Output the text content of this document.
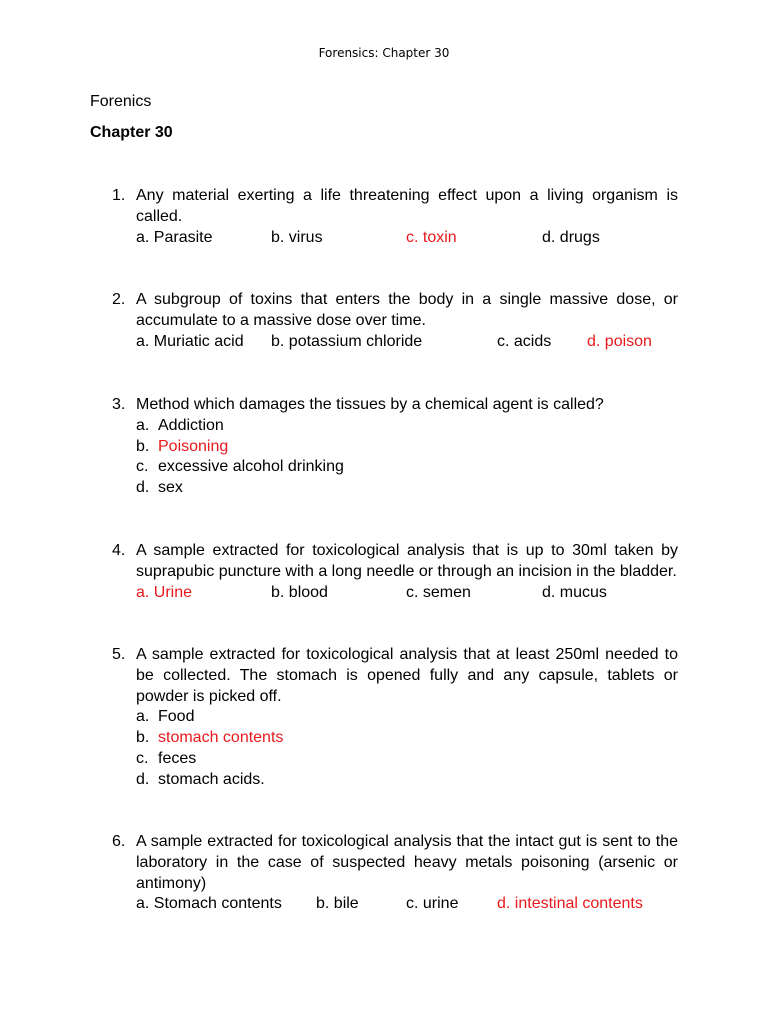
Forensics: Chapter 30
Forenics
Chapter 30
1. Any material exerting a life threatening effect upon a living organism is called.
a. Parasite	b. virus	c. toxin	d. drugs
2. A subgroup of toxins that enters the body in a single massive dose, or accumulate to a massive dose over time.
a. Muriatic acid b. potassium chloride	c. acids d. poison
3. Method which damages the tissues by a chemical agent is called?
a. Addiction
b. Poisoning
c. excessive alcohol drinking
d. sex
4. A sample extracted for toxicological analysis that is up to 30ml taken by suprapubic puncture with a long needle or through an incision in the bladder.
a. Urine	b. blood	c. semen	d. mucus
5. A sample extracted for toxicological analysis that at least 250ml needed to be collected. The stomach is opened fully and any capsule, tablets or powder is picked off.
a. Food
b. stomach contents
c. feces
d. stomach acids.
6. A sample extracted for toxicological analysis that the intact gut is sent to the laboratory in the case of suspected heavy metals poisoning (arsenic or antimony)
a. Stomach contents b. bile	c. urine d. intestinal contents
